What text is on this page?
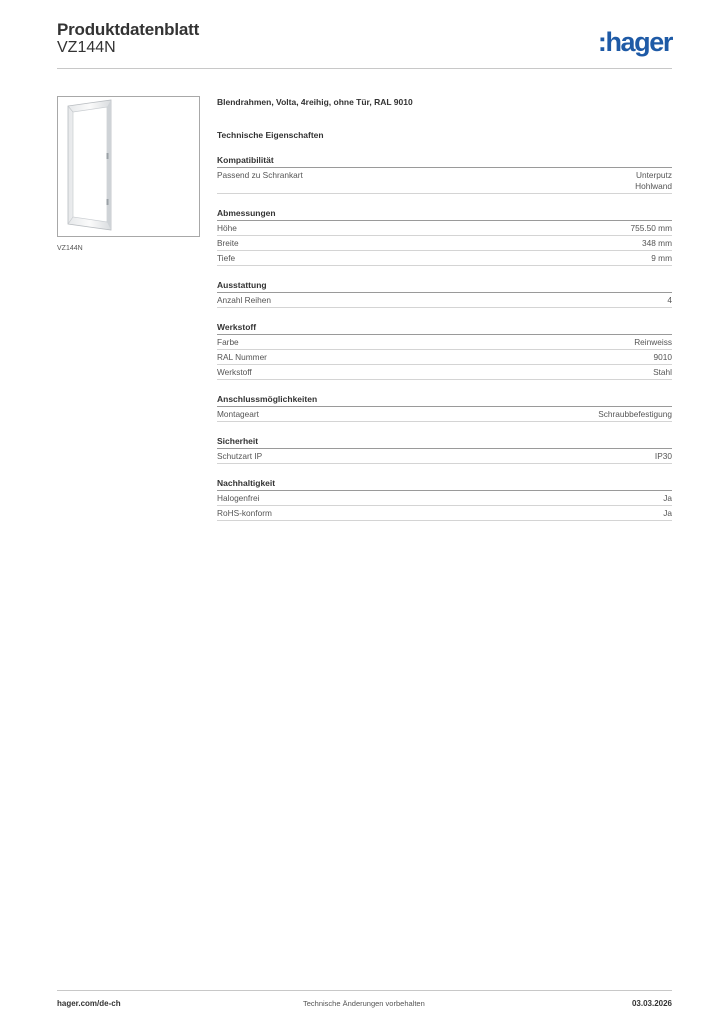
Produktdatenblatt
VZ144N	:hager
VZ144N
Blendrahmen, Volta, 4reihig, ohne Tür, RAL 9010
Technische Eigenschaften
Kompatibilität
Passend zu Schrankart	Unterputz
Hohlwand
Abmessungen
Höhe	755.50 mm
Breite	348 mm
Tiefe	9 mm
Ausstattung
Anzahl Reihen	4
Werkstoff
Farbe	Reinweiss
RAL Nummer	9010
Werkstoff	Stahl
Anschlussmöglichkeiten
Montageart	Schraubbefestigung
Sicherheit
Schutzart IP	IP30
Nachhaltigkeit
Halogenfrei	Ja
RoHS-konform	Ja
hager.com/de-ch	Technische Änderungen vorbehalten	03.03.2026
